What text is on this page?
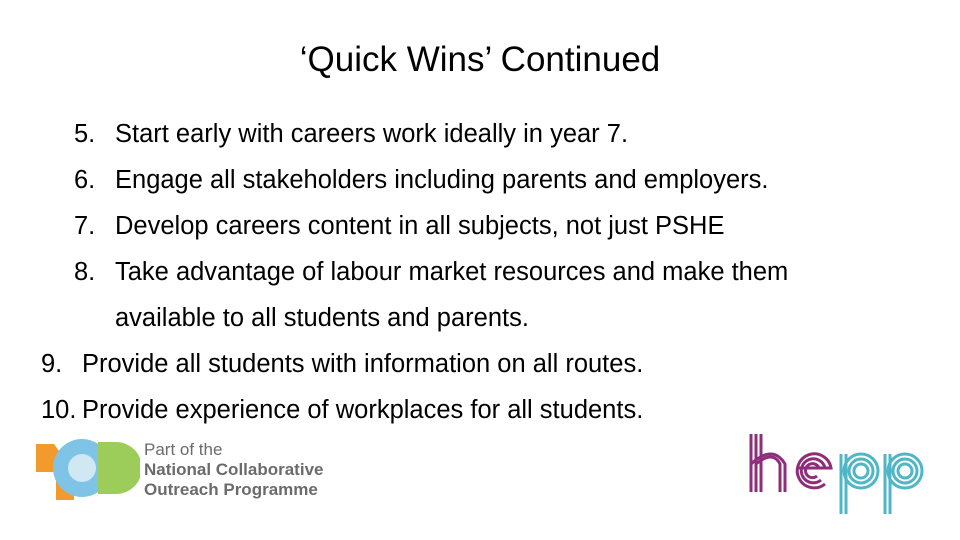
‘Quick Wins’ Continued
5. Start early with careers work ideally in year 7.
6. Engage all stakeholders including parents and employers.
7. Develop careers content in all subjects, not just PSHE
8. Take advantage of labour market resources and make them
available to all students and parents.
9. Provide all students with information on all routes.
10. Provide experience of workplaces for all students.
Part of the
National Collaborative
Outreach Programme
